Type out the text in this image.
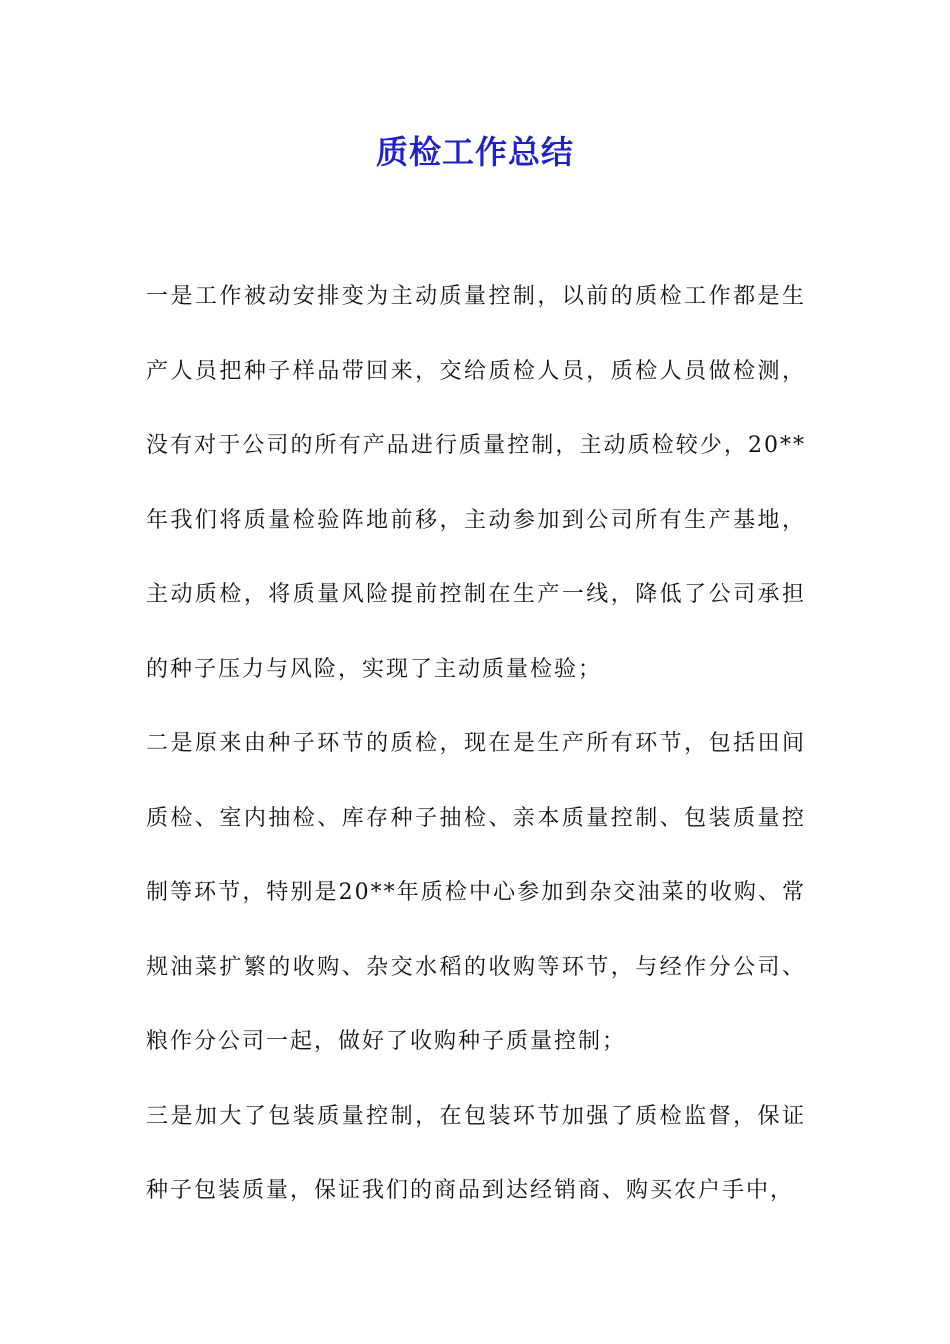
质检工作总结

一是工作被动安排变为主动质量控制，以前的质检工作都是生产人员把种子样品带回来，交给质检人员，质检人员做检测，没有对于公司的所有产品进行质量控制，主动质检较少，20**年我们将质量检验阵地前移，主动参加到公司所有生产基地，主动质检，将质量风险提前控制在生产一线，降低了公司承担的种子压力与风险，实现了主动质量检验；

二是原来由种子环节的质检，现在是生产所有环节，包括田间质检、室内抽检、库存种子抽检、亲本质量控制、包装质量控制等环节，特别是20**年质检中心参加到杂交油菜的收购、常规油菜扩繁的收购、杂交水稻的收购等环节，与经作分公司、粮作分公司一起，做好了收购种子质量控制；

三是加大了包装质量控制，在包装环节加强了质检监督，保证种子包装质量，保证我们的商品到达经销商、购买农户手中，
